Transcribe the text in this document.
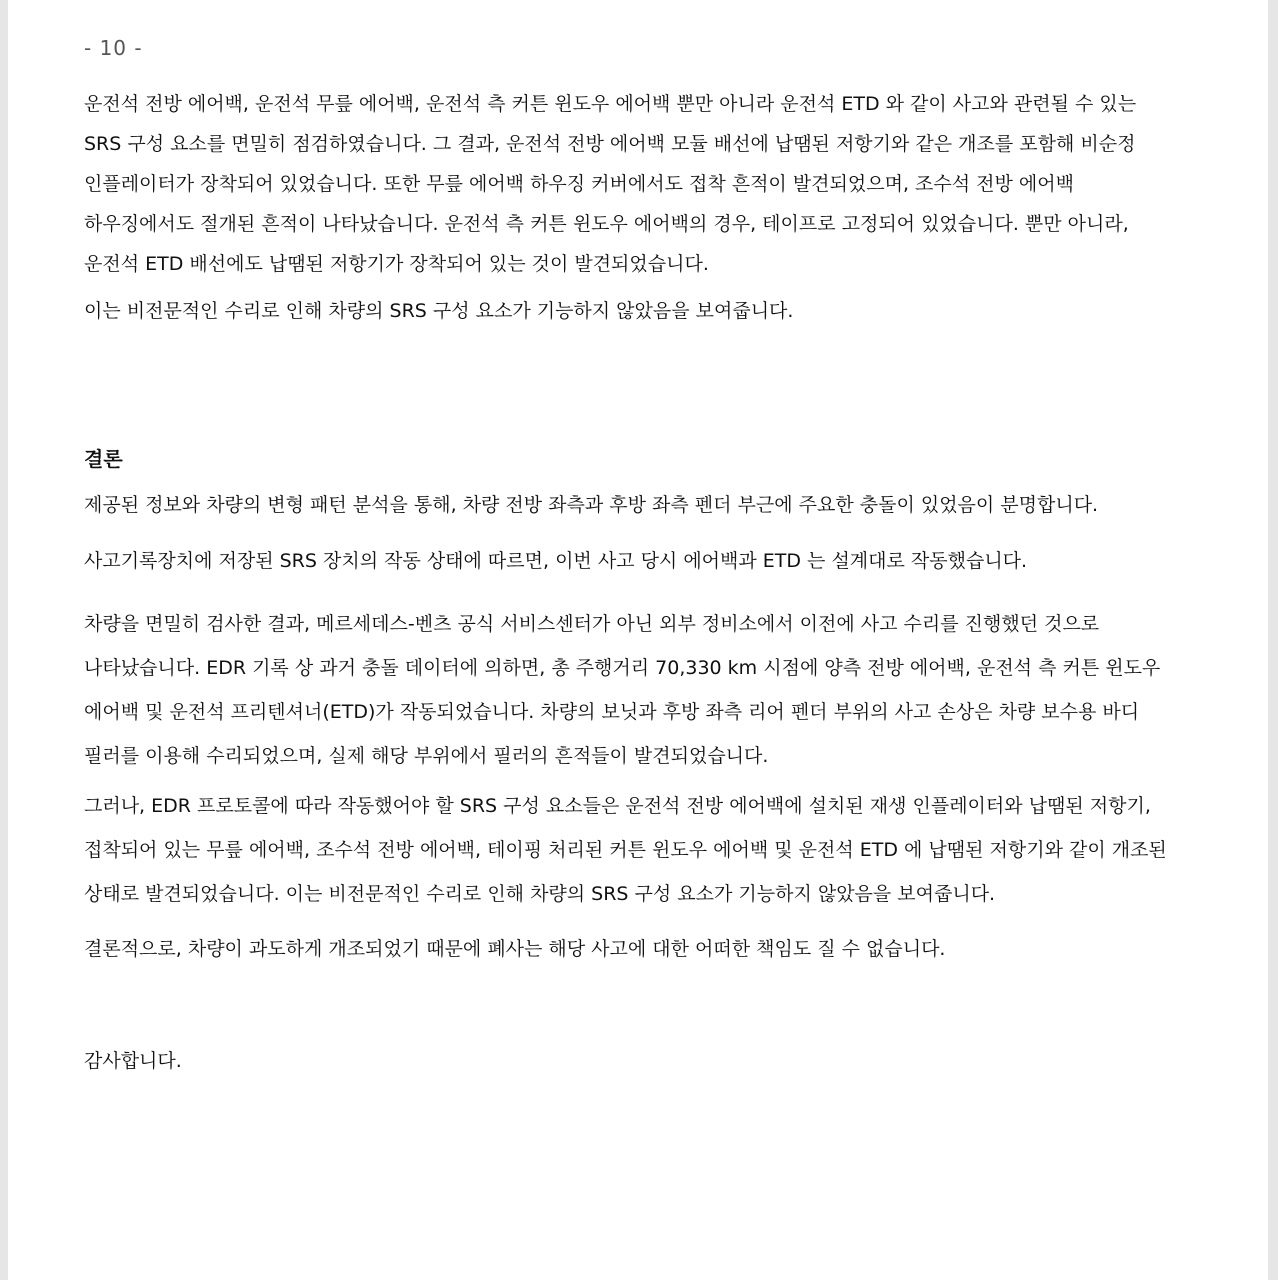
- 10 -

운전석 전방 에어백, 운전석 무릎 에어백, 운전석 측 커튼 윈도우 에어백 뿐만 아니라 운전석 ETD 와 같이 사고와 관련될 수 있는
SRS 구성 요소를 면밀히 점검하였습니다. 그 결과, 운전석 전방 에어백 모듈 배선에 납땜된 저항기와 같은 개조를 포함해 비순정
인플레이터가 장착되어 있었습니다. 또한 무릎 에어백 하우징 커버에서도 접착 흔적이 발견되었으며, 조수석 전방 에어백
하우징에서도 절개된 흔적이 나타났습니다. 운전석 측 커튼 윈도우 에어백의 경우, 테이프로 고정되어 있었습니다. 뿐만 아니라,
운전석 ETD 배선에도 납땜된 저항기가 장착되어 있는 것이 발견되었습니다.

이는 비전문적인 수리로 인해 차량의 SRS 구성 요소가 기능하지 않았음을 보여줍니다.

결론

제공된 정보와 차량의 변형 패턴 분석을 통해, 차량 전방 좌측과 후방 좌측 펜더 부근에 주요한 충돌이 있었음이 분명합니다.

사고기록장치에 저장된 SRS 장치의 작동 상태에 따르면, 이번 사고 당시 에어백과 ETD 는 설계대로 작동했습니다.

차량을 면밀히 검사한 결과, 메르세데스-벤츠 공식 서비스센터가 아닌 외부 정비소에서 이전에 사고 수리를 진행했던 것으로
나타났습니다. EDR 기록 상 과거 충돌 데이터에 의하면, 총 주행거리 70,330 km 시점에 양측 전방 에어백, 운전석 측 커튼 윈도우
에어백 및 운전석 프리텐셔너(ETD)가 작동되었습니다. 차량의 보닛과 후방 좌측 리어 펜더 부위의 사고 손상은 차량 보수용 바디
필러를 이용해 수리되었으며, 실제 해당 부위에서 필러의 흔적들이 발견되었습니다.

그러나, EDR 프로토콜에 따라 작동했어야 할 SRS 구성 요소들은 운전석 전방 에어백에 설치된 재생 인플레이터와 납땜된 저항기,
접착되어 있는 무릎 에어백, 조수석 전방 에어백, 테이핑 처리된 커튼 윈도우 에어백 및 운전석 ETD 에 납땜된 저항기와 같이 개조된
상태로 발견되었습니다. 이는 비전문적인 수리로 인해 차량의 SRS 구성 요소가 기능하지 않았음을 보여줍니다.

결론적으로, 차량이 과도하게 개조되었기 때문에 폐사는 해당 사고에 대한 어떠한 책임도 질 수 없습니다.

감사합니다.
